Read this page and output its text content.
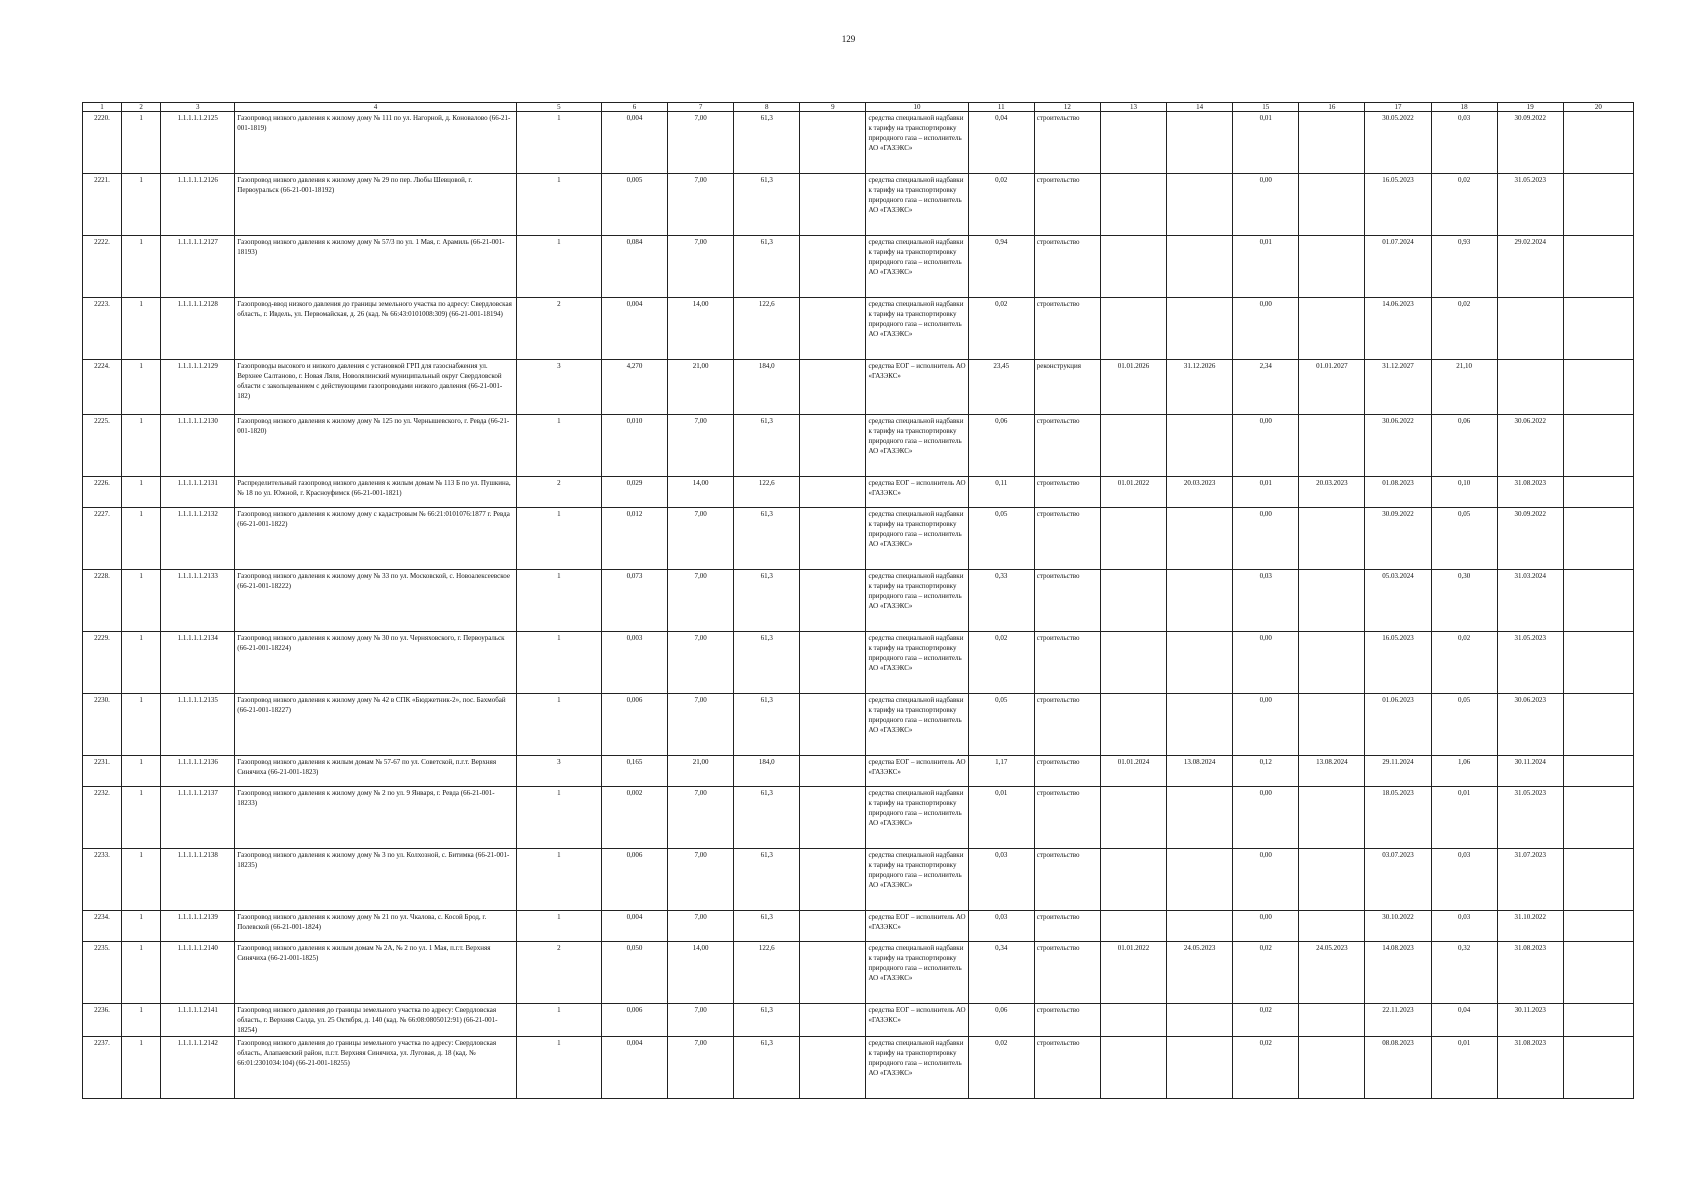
129
1	2	3	4	5	6	7	8	9	10	11	12	13	14	15	16	17	18	19	20
2220.	1	1.1.1.1.1.2125	Газопровод низкого давления к жилому дому № 111 по ул. Нагорной, д. Коновалово (66-21-001-1819)	1	0,004	7,00	61,3		средства специальной надбавки к тарифу на транспортировку природного газа – исполнитель АО «ГАЗЭКС»	0,04	строительство			0,01		30.05.2022	0,03	30.09.2022	
2221.	1	1.1.1.1.1.2126	Газопровод низкого давления к жилому дому № 29 по пер. Любы Шевцовой, г. Первоуральск (66-21-001-18192)	1	0,005	7,00	61,3		средства специальной надбавки к тарифу на транспортировку природного газа – исполнитель АО «ГАЗЭКС»	0,02	строительство			0,00		16.05.2023	0,02	31.05.2023	
2222.	1	1.1.1.1.1.2127	Газопровод низкого давления к жилому дому № 57/3 по ул. 1 Мая, г. Арамиль (66-21-001-18193)	1	0,084	7,00	61,3		средства специальной надбавки к тарифу на транспортировку природного газа – исполнитель АО «ГАЗЭКС»	0,94	строительство			0,01		01.07.2024	0,93	29.02.2024	
2223.	1	1.1.1.1.1.2128	Газопровод-ввод низкого давления до границы земельного участка по адресу: Свердловская область, г. Ивдель, ул. Первомайская, д. 26 (кад. № 66:43:0101008:309) (66-21-001-18194)	2	0,004	14,00	122,6		средства специальной надбавки к тарифу на транспортировку природного газа – исполнитель АО «ГАЗЭКС»	0,02	строительство			0,00		14.06.2023	0,02		
2224.	1	1.1.1.1.1.2129	Газопроводы высокого и низкого давления с установкой ГРП для газоснабжения ул. Верхнее Салтаново, г. Новая Ляля, Новолялинский муниципальный округ Свердловской области с закольцеванием с действующими газопроводами низкого давления (66-21-001-182)	3	4,270	21,00	184,0		средства ЕОГ – исполнитель АО «ГАЗЭКС»	23,45	реконструкция	01.01.2026	31.12.2026	2,34	01.01.2027	31.12.2027	21,10		
2225.	1	1.1.1.1.1.2130	Газопровод низкого давления к жилому дому № 125 по ул. Чернышевского, г. Ревда (66-21-001-1820)	1	0,010	7,00	61,3		средства специальной надбавки к тарифу на транспортировку природного газа – исполнитель АО «ГАЗЭКС»	0,06	строительство			0,00		30.06.2022	0,06	30.06.2022	
2226.	1	1.1.1.1.1.2131	Распределительный газопровод низкого давления к жилым домам № 113 Б по ул. Пушкина, № 18 по ул. Южной, г. Красноуфимск (66-21-001-1821)	2	0,029	14,00	122,6		средства ЕОГ – исполнитель АО «ГАЗЭКС»	0,11	строительство	01.01.2022	20.03.2023	0,01	20.03.2023	01.08.2023	0,10	31.08.2023	
2227.	1	1.1.1.1.1.2132	Газопровод низкого давления к жилому дому с кадастровым № 66:21:0101076:1877 г. Ревда (66-21-001-1822)	1	0,012	7,00	61,3		средства специальной надбавки к тарифу на транспортировку природного газа – исполнитель АО «ГАЗЭКС»	0,05	строительство			0,00		30.09.2022	0,05	30.09.2022	
2228.	1	1.1.1.1.1.2133	Газопровод низкого давления к жилому дому № 33 по ул. Московской, с. Новоалексеевское (66-21-001-18222)	1	0,073	7,00	61,3		средства специальной надбавки к тарифу на транспортировку природного газа – исполнитель АО «ГАЗЭКС»	0,33	строительство			0,03		05.03.2024	0,30	31.03.2024	
2229.	1	1.1.1.1.1.2134	Газопровод низкого давления к жилому дому № 30 по ул. Черняховского, г. Первоуральск (66-21-001-18224)	1	0,003	7,00	61,3		средства специальной надбавки к тарифу на транспортировку природного газа – исполнитель АО «ГАЗЭКС»	0,02	строительство			0,00		16.05.2023	0,02	31.05.2023	
2230.	1	1.1.1.1.1.2135	Газопровод низкого давления к жилому дому № 42 в СПК «Бюджетник-2», пос. Бахмобай (66-21-001-18227)	1	0,006	7,00	61,3		средства специальной надбавки к тарифу на транспортировку природного газа – исполнитель АО «ГАЗЭКС»	0,05	строительство			0,00		01.06.2023	0,05	30.06.2023	
2231.	1	1.1.1.1.1.2136	Газопровод низкого давления к жилым домам № 57-67 по ул. Советской, п.г.т. Верхняя Синячиха (66-21-001-1823)	3	0,165	21,00	184,0		средства ЕОГ – исполнитель АО «ГАЗЭКС»	1,17	строительство	01.01.2024	13.08.2024	0,12	13.08.2024	29.11.2024	1,06	30.11.2024	
2232.	1	1.1.1.1.1.2137	Газопровод низкого давления к жилому дому № 2 по ул. 9 Января, г. Ревда (66-21-001-18233)	1	0,002	7,00	61,3		средства специальной надбавки к тарифу на транспортировку природного газа – исполнитель АО «ГАЗЭКС»	0,01	строительство			0,00		18.05.2023	0,01	31.05.2023	
2233.	1	1.1.1.1.1.2138	Газопровод низкого давления к жилому дому № 3 по ул. Колхозной, с. Битимка (66-21-001-18235)	1	0,006	7,00	61,3		средства специальной надбавки к тарифу на транспортировку природного газа – исполнитель АО «ГАЗЭКС»	0,03	строительство			0,00		03.07.2023	0,03	31.07.2023	
2234.	1	1.1.1.1.1.2139	Газопровод низкого давления к жилому дому № 21 по ул. Чкалова, с. Косой Брод, г. Полевской (66-21-001-1824)	1	0,004	7,00	61,3		средства ЕОГ – исполнитель АО «ГАЗЭКС»	0,03	строительство			0,00		30.10.2022	0,03	31.10.2022	
2235.	1	1.1.1.1.1.2140	Газопровод низкого давления к жилым домам № 2А, № 2 по ул. 1 Мая, п.г.т. Верхняя Синячиха (66-21-001-1825)	2	0,050	14,00	122,6		средства специальной надбавки к тарифу на транспортировку природного газа – исполнитель АО «ГАЗЭКС»	0,34	строительство	01.01.2022	24.05.2023	0,02	24.05.2023	14.08.2023	0,32	31.08.2023	
2236.	1	1.1.1.1.1.2141	Газопровод низкого давления до границы земельного участка по адресу: Свердловская область, г. Верхняя Салда, ул. 25 Октября, д. 140 (кад. № 66:08:0805012:91) (66-21-001-18254)	1	0,006	7,00	61,3		средства ЕОГ – исполнитель АО «ГАЗЭКС»	0,06	строительство			0,02		22.11.2023	0,04	30.11.2023	
2237.	1	1.1.1.1.1.2142	Газопровод низкого давления до границы земельного участка по адресу: Свердловская область, Алапаевский район, п.г.т. Верхняя Синячиха, ул. Луговая, д. 18 (кад. № 66:01:2301034:104) (66-21-001-18255)	1	0,004	7,00	61,3		средства специальной надбавки к тарифу на транспортировку природного газа – исполнитель АО «ГАЗЭКС»	0,02	строительство			0,02		08.08.2023	0,01	31.08.2023	
